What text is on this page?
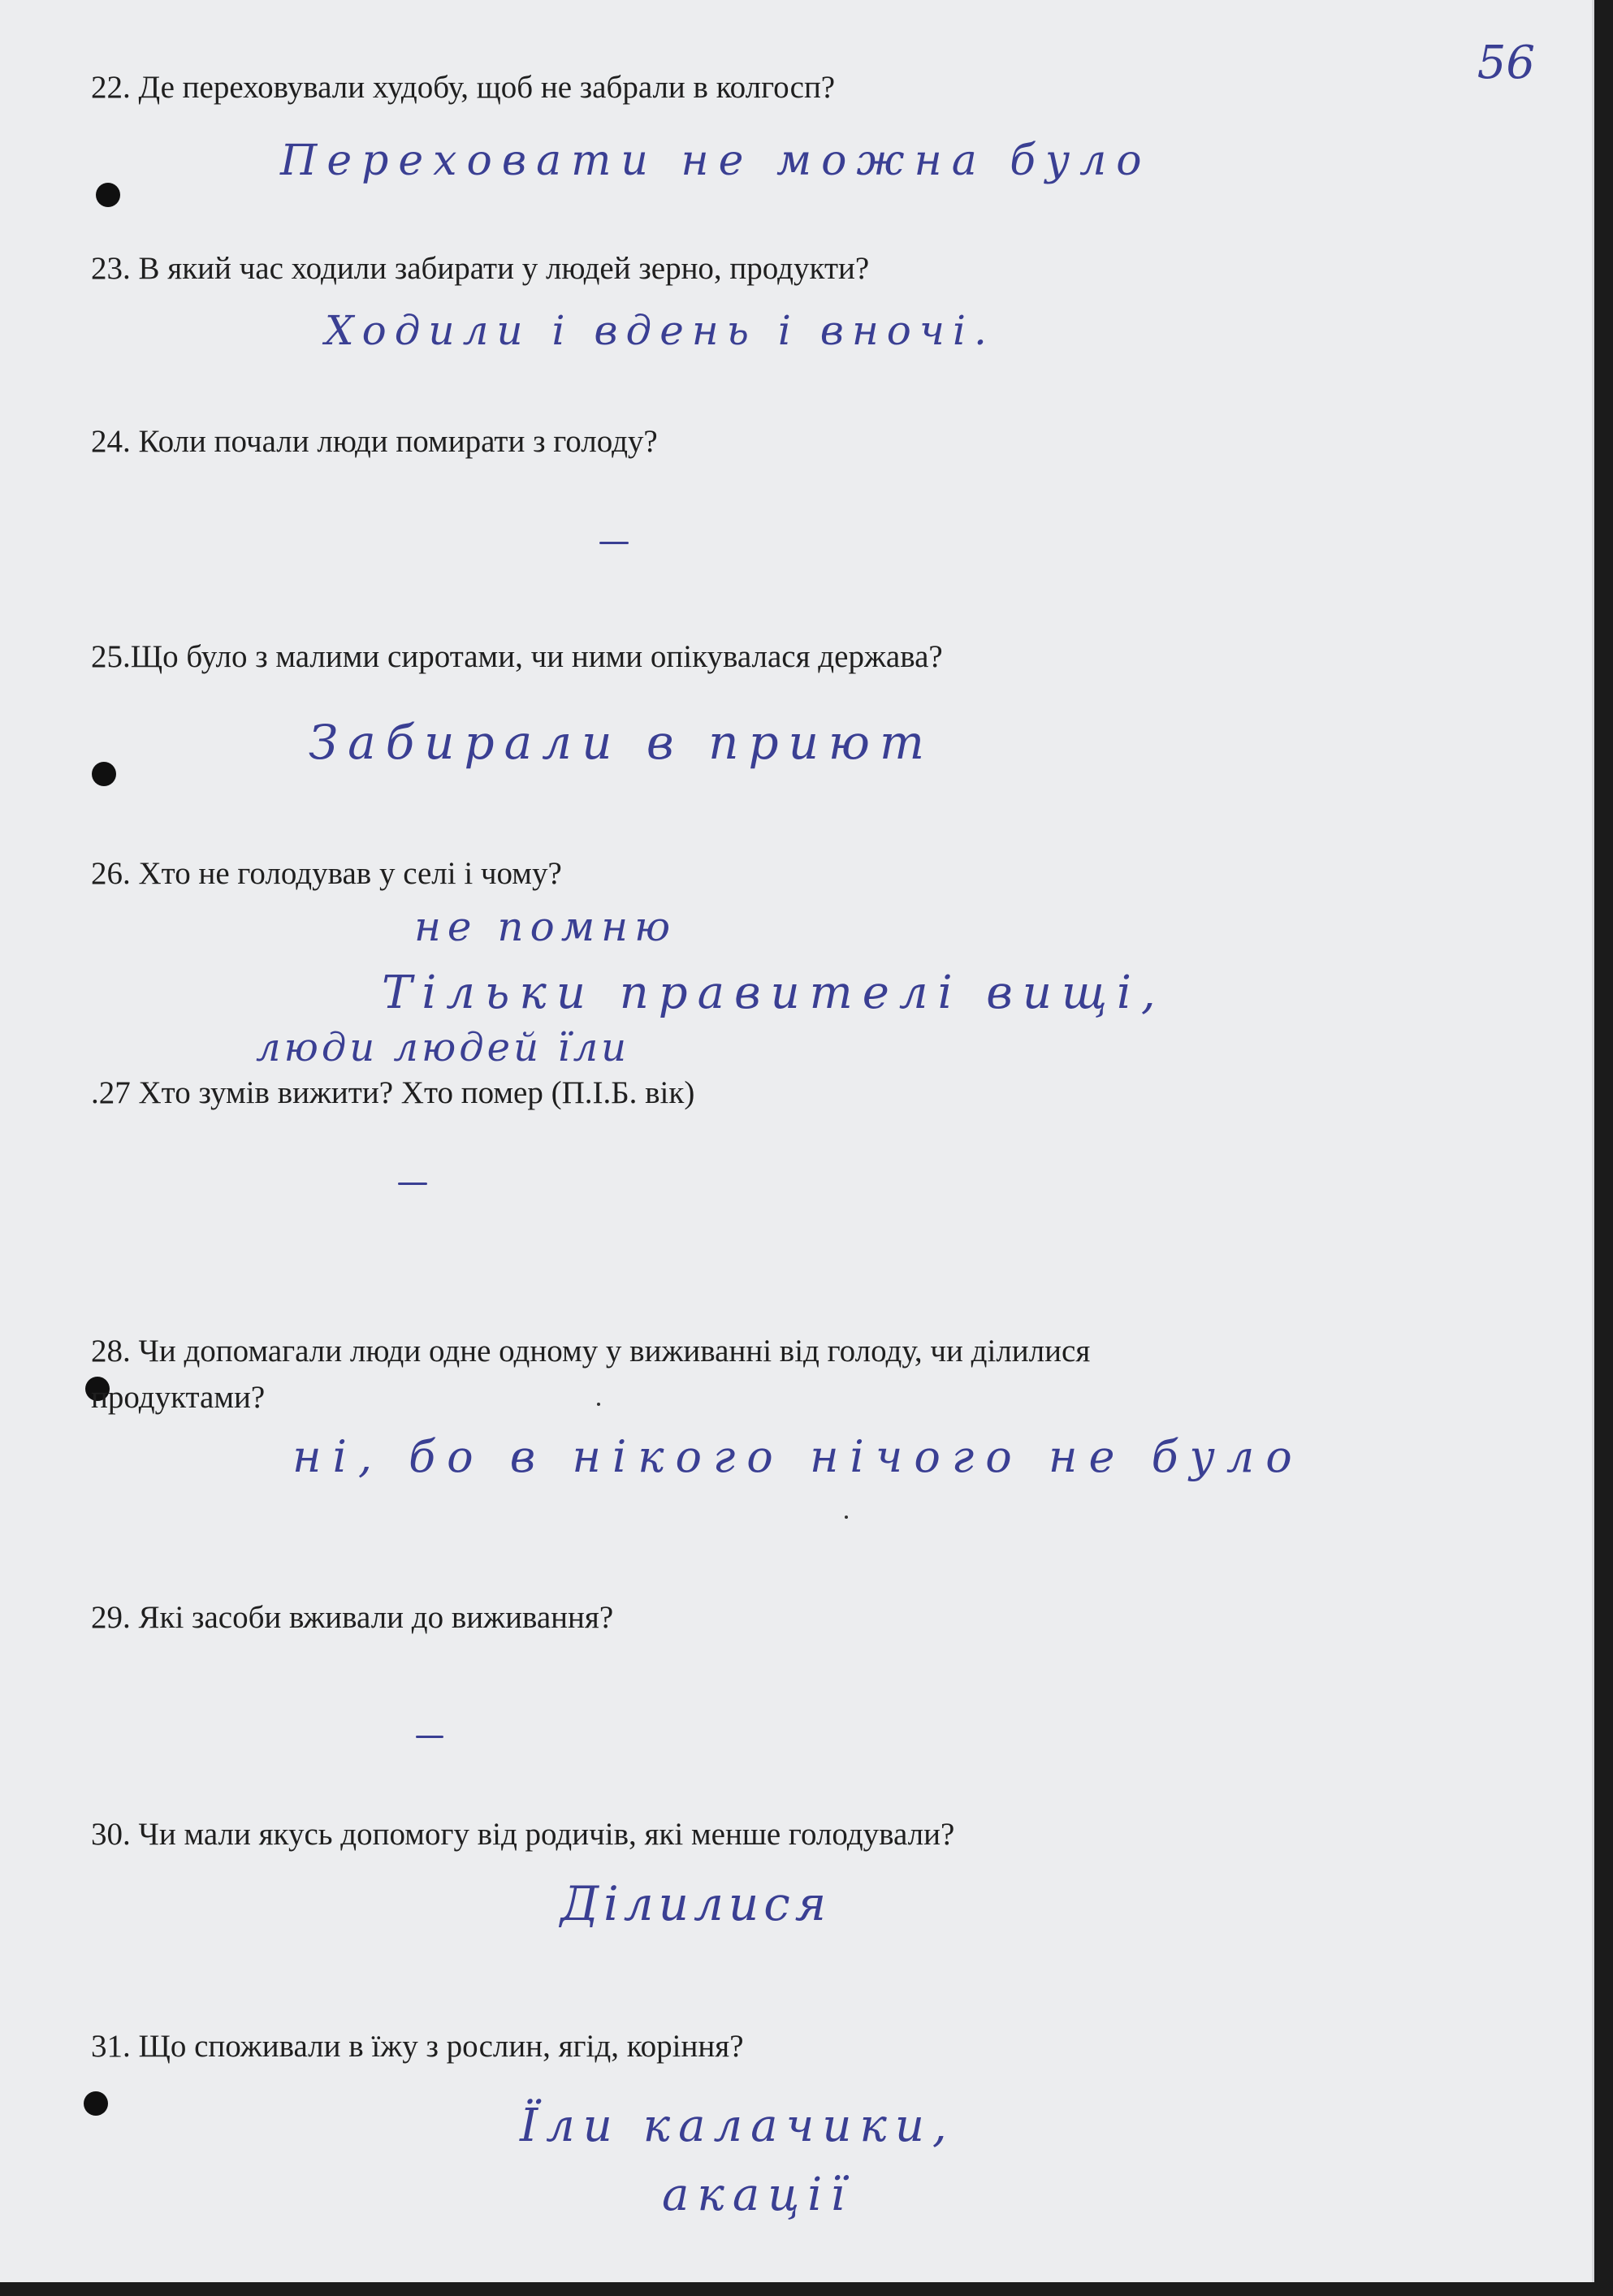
56
22. Де переховували худобу, щоб не забрали в колгосп?
Переховати не можна було
23. В який час ходили забирати у людей зерно, продукти?
Ходили і вдень і вночі.
24. Коли почали люди помирати з голоду?
25.Що було з малими сиротами, чи ними опікувалася держава?
Забирали в приют
26. Хто не голодував у селі і чому?
не помню
Тільки правителі вищі,
люди людей їли
.27 Хто зумів вижити? Хто помер (П.І.Б. вік)
28. Чи допомагали люди одне одному у виживанні від голоду, чи ділилися
продуктами?
ні, бо в нікого нічого не було
29. Які засоби вживали до виживання?
30. Чи мали якусь допомогу від родичів, які менше голодували?
Ділилися
31. Що споживали в їжу з рослин, ягід, коріння?
Їли калачики,
акації
